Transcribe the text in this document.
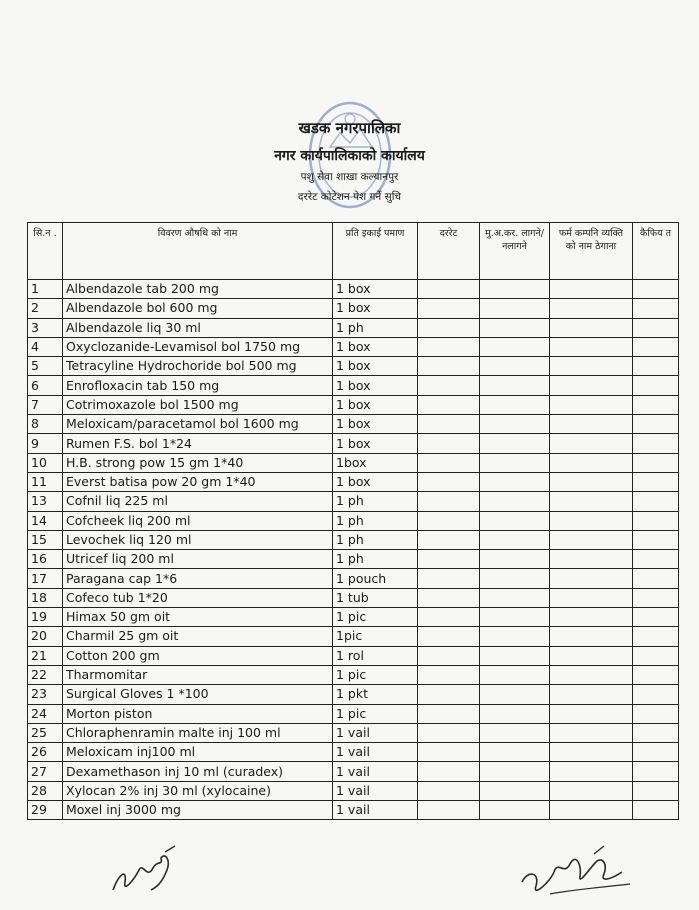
खडक नगरपालिका
नगर कार्यपालिकाको कार्यालय
पशु सेवा शाखा कल्यानपुर
दररेट कोटेशन पेश गर्ने सुचि
सि.न .	विवरण औषधि को नाम	प्रति इकाई पमाण	दररेट	मु.अ.कर. लागने/नलागने	फर्म कम्पनि व्यक्ति को नाम ठेगाना	कैफिय त
1	Albendazole tab 200 mg	1 box				
2	Albendazole bol 600 mg	1 box				
3	Albendazole liq 30 ml	1 ph				
4	Oxyclozanide-Levamisol bol 1750 mg	1 box				
5	Tetracyline Hydrochoride bol 500 mg	1 box				
6	Enrofloxacin tab 150 mg	1 box				
7	Cotrimoxazole bol 1500 mg	1 box				
8	Meloxicam/paracetamol bol 1600 mg	1 box				
9	Rumen F.S. bol 1*24	1 box				
10	H.B. strong pow 15 gm 1*40	1box				
11	Everst batisa pow 20 gm 1*40	1 box				
13	Cofnil liq 225 ml	1 ph				
14	Cofcheek liq 200 ml	1 ph				
15	Levochek liq 120 ml	1 ph				
16	Utricef liq 200 ml	1 ph				
17	Paragana cap 1*6	1 pouch				
18	Cofeco tub 1*20	1 tub				
19	Himax 50 gm oit	1 pic				
20	Charmil 25 gm oit	1pic				
21	Cotton 200 gm	1 rol				
22	Tharmomitar	1 pic				
23	Surgical Gloves 1 *100	1 pkt				
24	Morton piston	1 pic				
25	Chloraphenramin malte inj 100 ml	1 vail				
26	Meloxicam inj100 ml	1 vail				
27	Dexamethason inj 10 ml (curadex)	1 vail				
28	Xylocan 2% inj 30 ml (xylocaine)	1 vail				
29	Moxel inj 3000 mg	1 vail				
